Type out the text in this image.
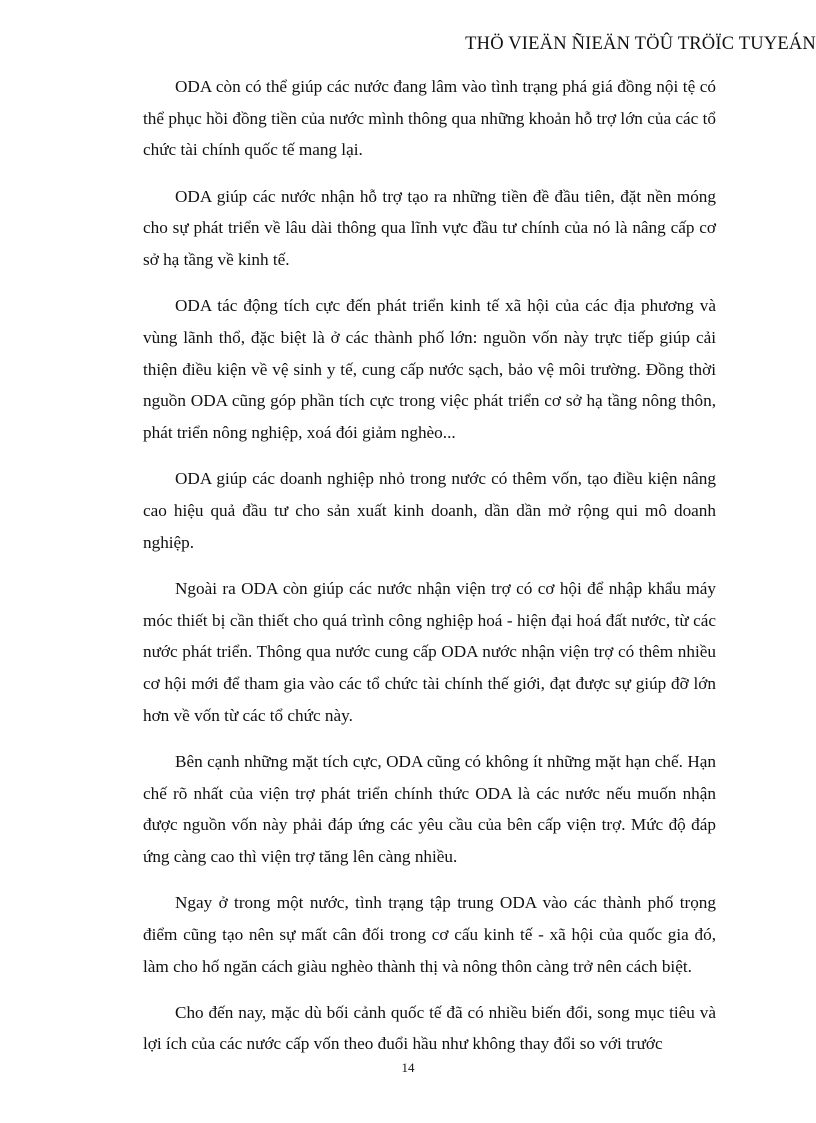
THÖ VIEÄN ÑIEÄN TÖÛ TRÖÏC TUYEÁN

ODA còn có thể giúp các nước đang lâm vào tình trạng phá giá đồng nội tệ có thể phục hồi đồng tiền của nước mình thông qua những khoản hỗ trợ lớn của các tổ chức tài chính quốc tế mang lại.

ODA giúp các nước nhận hỗ trợ tạo ra những tiền đề đầu tiên, đặt nền móng cho sự phát triển về lâu dài thông qua lĩnh vực đầu tư chính của nó là nâng cấp cơ sở hạ tầng về kinh tế.

ODA tác động tích cực đến phát triển kinh tế xã hội của các địa phương và vùng lãnh thổ, đặc biệt là ở các thành phố lớn: nguồn vốn này trực tiếp giúp cải thiện điều kiện về vệ sinh y tế, cung cấp nước sạch, bảo vệ môi trường. Đồng thời nguồn ODA cũng góp phần tích cực trong việc phát triển cơ sở hạ tầng nông thôn, phát triển nông nghiệp, xoá đói giảm nghèo...

ODA giúp các doanh nghiệp nhỏ trong nước có thêm vốn, tạo điều kiện nâng cao hiệu quả đầu tư cho sản xuất kinh doanh, dần dần mở rộng qui mô doanh nghiệp.

Ngoài ra ODA còn giúp các nước nhận viện trợ có cơ hội để nhập khẩu máy móc thiết bị cần thiết cho quá trình công nghiệp hoá - hiện đại hoá đất nước, từ các nước phát triển. Thông qua nước cung cấp ODA nước nhận viện trợ có thêm nhiều cơ hội mới để tham gia vào các tổ chức tài chính thế giới, đạt được sự giúp đỡ lớn hơn về vốn từ các tổ chức này.

Bên cạnh những mặt tích cực, ODA cũng có không ít những mặt hạn chế. Hạn chế rõ nhất của viện trợ phát triển chính thức ODA là các nước nếu muốn nhận được nguồn vốn này phải đáp ứng các yêu cầu của bên cấp viện trợ. Mức độ đáp ứng càng cao thì viện trợ tăng lên càng nhiều.

Ngay ở trong một nước, tình trạng tập trung ODA vào các thành phố trọng điểm cũng tạo nên sự mất cân đối trong cơ cấu kinh tế - xã hội của quốc gia đó, làm cho hố ngăn cách giàu nghèo thành thị và nông thôn càng trở nên cách biệt.

Cho đến nay, mặc dù bối cảnh quốc tế đã có nhiều biến đổi, song mục tiêu và lợi ích của các nước cấp vốn theo đuổi hầu như không thay đổi so với trước

14
